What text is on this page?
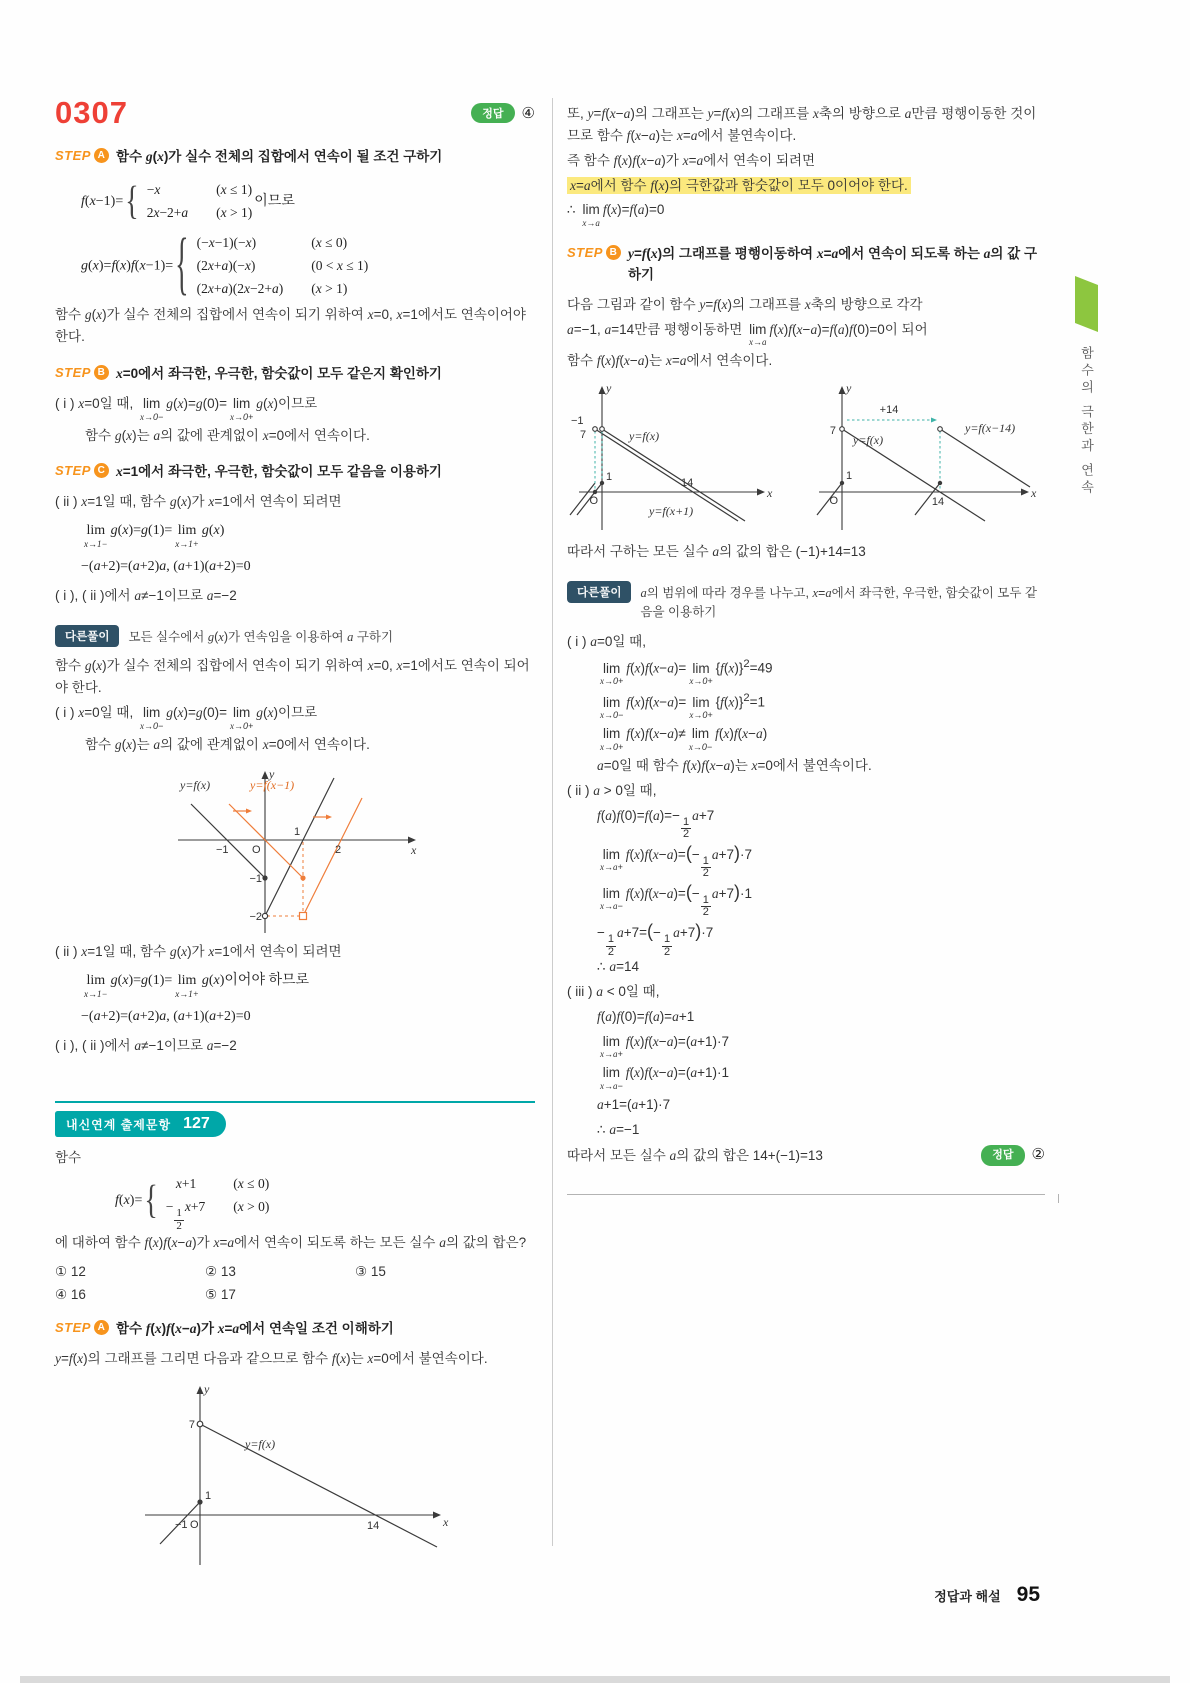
0307	정답	④
STEP A 함수 g(x)가 실수 전체의 집합에서 연속이 될 조건 구하기
f(x−1)= { −x	(x ≤ 1)
2x−2+a (x > 1)
이므로
g(x)=f(x)f(x−1)= { (−x−1)(−x)	(x ≤ 0)
(2x+a)(−x)	(0 < x ≤ 1)
(2x+a)(2x−2+a) (x > 1)
함수 g(x)가 실수 전체의 집합에서 연속이 되기 위하여 x=0, x=1에서도 연속이어야 한다.
STEP B x=0에서 좌극한, 우극한, 함숫값이 모두 같은지 확인하기
( i ) x=0일 때, lim
x→0−
g(x)=g(0)= lim
x→0+
g(x)이므로
함수 g(x)는 a의 값에 관계없이 x=0에서 연속이다.
STEP C x=1에서 좌극한, 우극한, 함숫값이 모두 같음을 이용하기
( ii ) x=1일 때, 함수 g(x)가 x=1에서 연속이 되려면
lim
x→1−
g(x)=g(1)= lim
x→1+
g(x)
−(a+2)=(a+2)a, (a+1)(a+2)=0
( i ), ( ii )에서 a≠−1이므로 a=−2
다른풀이	모든 실수에서 g(x)가 연속임을 이용하여 a 구하기
함수 g(x)가 실수 전체의 집합에서 연속이 되기 위하여 x=0, x=1에서도 연속이 되어야 한다.
( i ) x=0일 때, lim
x→0−
g(x)=g(0)= lim
x→0+
g(x)이므로
함수 g(x)는 a의 값에 관계없이 x=0에서 연속이다.
y=f(x)	y=f(x−1)
y
x
O
−1
1
2
−1
−2
( ii ) x=1일 때, 함수 g(x)가 x=1에서 연속이 되려면
lim
x→1−
g(x)=g(1)= lim
x→1+
g(x)이어야 하므로
−(a+2)=(a+2)a, (a+1)(a+2)=0
( i ), ( ii )에서 a≠−1이므로 a=−2
내신연계 출제문항 127
함수
f(x)= {	x+1	(x ≤ 0)
−
$\frac{1}{2}$
x+7 (x > 0)
에 대하여 함수 f(x)f(x−a)가 x=a에서 연속이 되도록 하는 모든 실수 a의 값의 합은?
① 12	② 13	③ 15
④ 16	⑤ 17
STEP A 함수 f(x)f(x−a)가 x=a에서 연속일 조건 이해하기
y=f(x)의 그래프를 그리면 다음과 같으므로 함수 f(x)는 x=0에서 불연속이다.
y
x
y=f(x)
7
1
−1 O	14
또, y=f(x−a)의 그래프는 y=f(x)의 그래프를 x축의 방향으로 a만큼 평행이동한 것이므로 함수 f(x−a)는 x=a에서 불연속이다.
즉 함수 f(x)f(x−a)가 x=a에서 연속이 되려면
x=a에서 함수 f(x)의 극한값과 함숫값이 모두 0이어야 한다.
∴ lim
x→a
f(x)=f(a)=0
STEP B y=f(x)의 그래프를 평행이동하여 x=a에서 연속이 되도록 하는 a의 값 구하기
다음 그림과 같이 함수 y=f(x)의 그래프를 x축의 방향으로 각각
a=−1, a=14만큼 평행이동하면 lim
x→a
f(x)f(x−a)=f(a)f(0)=0이 되어
함수 f(x)f(x−a)는 x=a에서 연속이다.
y
x
−1
7
1	14
O
y=f(x)
y=f(x+1)
y
x
+14
7
1
14
O
y=f(x)
y=f(x−14)
따라서 구하는 모든 실수 a의 값의 합은 (−1)+14=13
다른풀이	a의 범위에 따라 경우를 나누고, x=a에서 좌극한, 우극한, 함숫값이 모두 같음을 이용하기
( i ) a=0일 때,
lim
x→0+
f(x)f(x−a)= lim
x→0+
$\{f(x)\}^2=49$
lim
x→0−
f(x)f(x−a)= lim
x→0+
$\{f(x)\}^2=1$
lim
x→0+
f(x)f(x−a)≠ lim
x→0−
f(x)f(x−a)
a=0일 때 함수 f(x)f(x−a)는 x=0에서 불연속이다.
( ii ) a > 0일 때,
f(a)f(0)=f(a)=−
$\frac{1}{2}$
a+7
lim
x→a+
f(x)f(x−a)=(−
$\frac{1}{2}$
a+7)·7
lim
x→a−
f(x)f(x−a)=(−
$\frac{1}{2}$
a+7)·1
−
$\frac{1}{2}$
a+7=(−
$\frac{1}{2}$
a+7)·7
∴ a=14
( iii ) a < 0일 때,
f(a)f(0)=f(a)=a+1
lim
x→a+
f(x)f(x−a)=(a+1)·7
lim
x→a−
f(x)f(x−a)=(a+1)·1
a+1=(a+1)·7
∴ a=−1
따라서 모든 실수 a의 값의 합은 14+(−1)=13	정답	②
함수의 극한과 연속
정답과 해설 95
